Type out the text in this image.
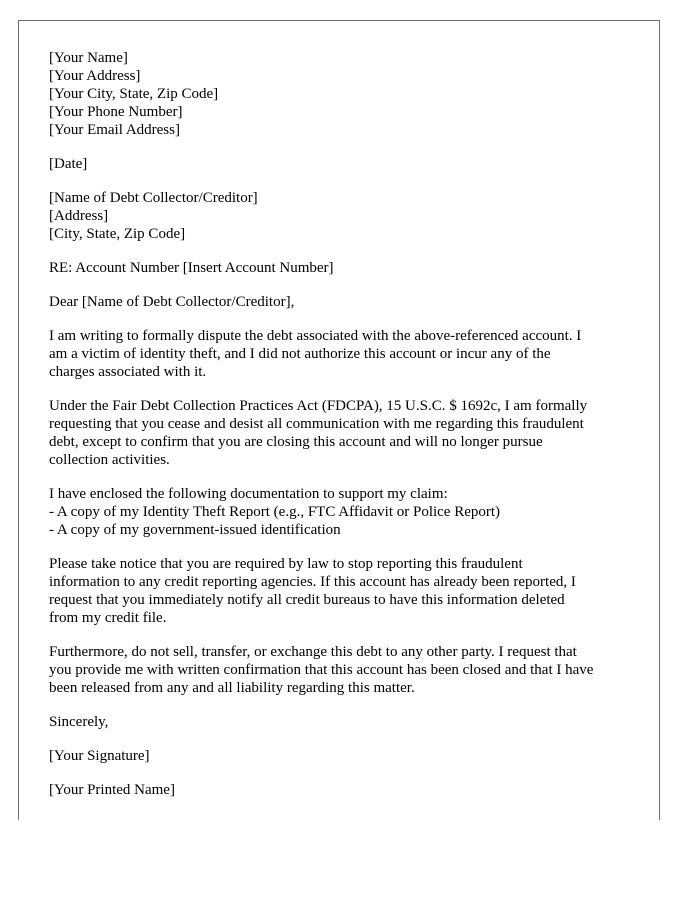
[Your Name]
[Your Address]
[Your City, State, Zip Code]
[Your Phone Number]
[Your Email Address]
[Date]
[Name of Debt Collector/Creditor]
[Address]
[City, State, Zip Code]
RE: Account Number [Insert Account Number]
Dear [Name of Debt Collector/Creditor],
I am writing to formally dispute the debt associated with the above-referenced account. I
am a victim of identity theft, and I did not authorize this account or incur any of the
charges associated with it.
Under the Fair Debt Collection Practices Act (FDCPA), 15 U.S.C. $ 1692c, I am formally
requesting that you cease and desist all communication with me regarding this fraudulent
debt, except to confirm that you are closing this account and will no longer pursue
collection activities.
I have enclosed the following documentation to support my claim:
- A copy of my Identity Theft Report (e.g., FTC Affidavit or Police Report)
- A copy of my government-issued identification
Please take notice that you are required by law to stop reporting this fraudulent
information to any credit reporting agencies. If this account has already been reported, I
request that you immediately notify all credit bureaus to have this information deleted
from my credit file.
Furthermore, do not sell, transfer, or exchange this debt to any other party. I request that
you provide me with written confirmation that this account has been closed and that I have
been released from any and all liability regarding this matter.
Sincerely,
[Your Signature]
[Your Printed Name]
